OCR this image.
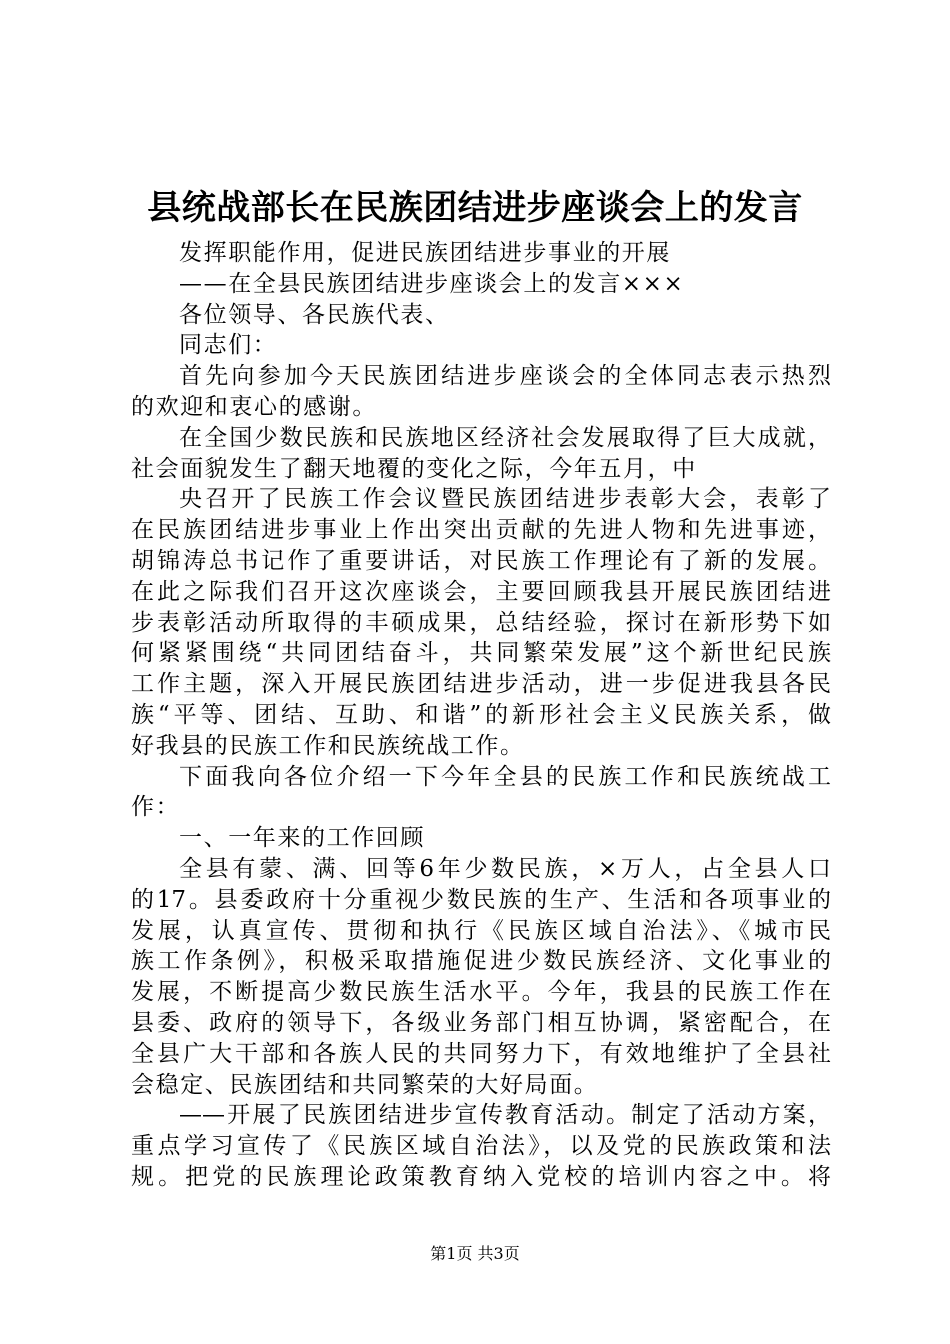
县统战部长在民族团结进步座谈会上的发言
发挥职能作用，促进民族团结进步事业的开展
——在全县民族团结进步座谈会上的发言×××
各位领导、各民族代表、
同志们：
首先向参加今天民族团结进步座谈会的全体同志表示热烈
的欢迎和衷心的感谢。
在全国少数民族和民族地区经济社会发展取得了巨大成就，
社会面貌发生了翻天地覆的变化之际，今年五月，中
央召开了民族工作会议暨民族团结进步表彰大会，表彰了
在民族团结进步事业上作出突出贡献的先进人物和先进事迹，
胡锦涛总书记作了重要讲话，对民族工作理论有了新的发展。
在此之际我们召开这次座谈会，主要回顾我县开展民族团结进
步表彰活动所取得的丰硕成果，总结经验，探讨在新形势下如
何紧紧围绕“共同团结奋斗，共同繁荣发展”这个新世纪民族
工作主题，深入开展民族团结进步活动，进一步促进我县各民
族“平等、团结、互助、和谐”的新形社会主义民族关系，做
好我县的民族工作和民族统战工作。
下面我向各位介绍一下今年全县的民族工作和民族统战工
作：
一、一年来的工作回顾
全县有蒙、满、回等6年少数民族，×万人，占全县人口
的17。县委政府十分重视少数民族的生产、生活和各项事业的
发展，认真宣传、贯彻和执行《民族区域自治法》、《城市民
族工作条例》，积极采取措施促进少数民族经济、文化事业的
发展，不断提高少数民族生活水平。今年，我县的民族工作在
县委、政府的领导下，各级业务部门相互协调，紧密配合，在
全县广大干部和各族人民的共同努力下，有效地维护了全县社
会稳定、民族团结和共同繁荣的大好局面。
——开展了民族团结进步宣传教育活动。制定了活动方案，
重点学习宣传了《民族区域自治法》，以及党的民族政策和法
规。把党的民族理论政策教育纳入党校的培训内容之中。将
第1页 共3页
